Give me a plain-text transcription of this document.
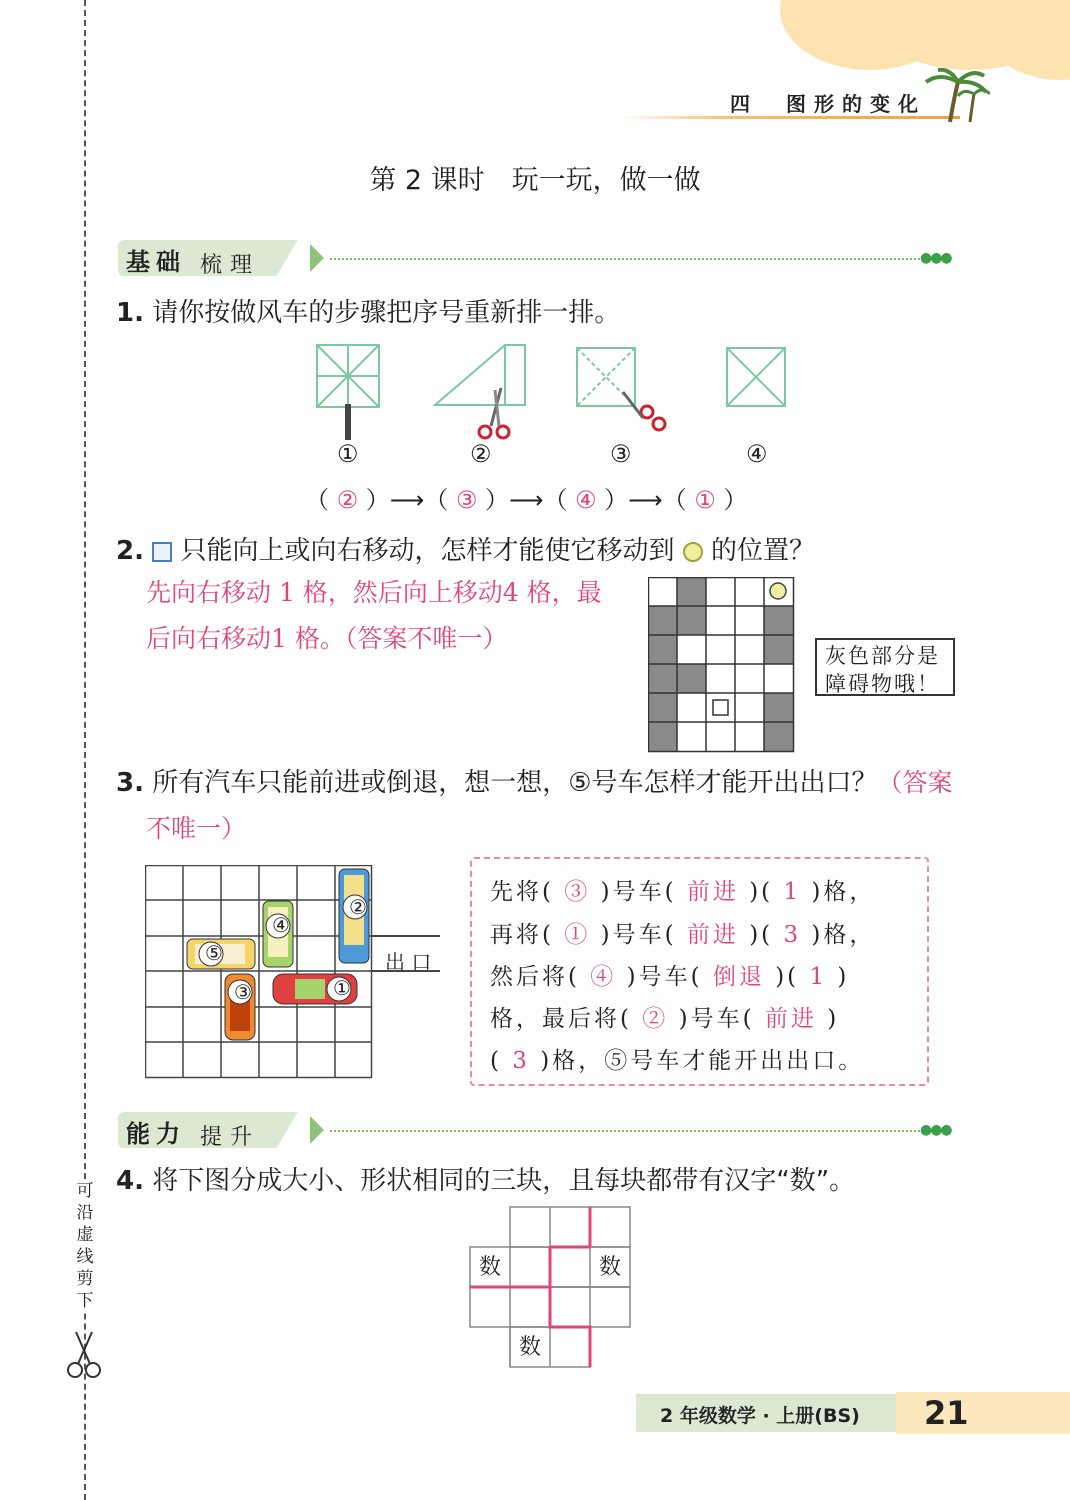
四　图形的变化
可沿虚线剪下
第 2 课时　玩一玩，做一做
基础 梳理	●●●
1. 请你按做风车的步骤把序号重新排一排。
①	②	③	④
（ ② ）⟶（ ③ ）⟶（ ④ ）⟶（ ① ）
2. 只能向上或向右移动，怎样才能使它移动到 的位置？
先向右移动 1 格，然后向上移动4 格，最
后向右移动1 格。（答案不唯一）
灰色部分是障碍物哦！
3. 所有汽车只能前进或倒退，想一想，⑤号车怎样才能开出出口？（答案
不唯一）
②
④
⑤
①
③
出 口
先将( ③ )号车( 前进 )( 1 )格，
再将( ① )号车( 前进 )( 3 )格，
然后将( ④ )号车( 倒退 )( 1 )
格，最后将( ② )号车( 前进 )
( 3 )格，⑤号车才能开出出口。
能力 提升	●●●
4. 将下图分成大小、形状相同的三块，且每块都带有汉字“数”。
数	数
数
2 年级数学 · 上册(BS) 21
